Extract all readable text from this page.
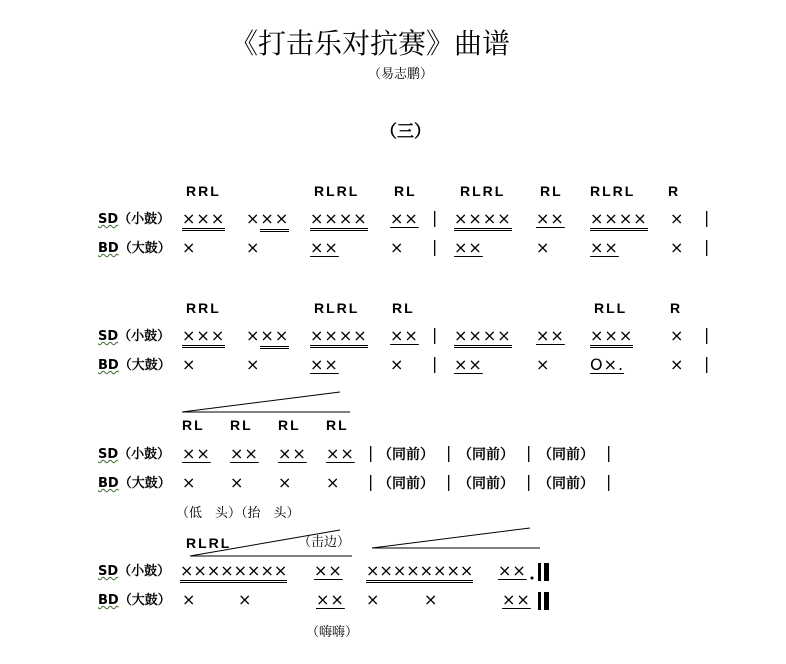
《打击乐对抗赛》曲谱
（易志鹏）
（三）
RRL	RLRL RL	RLRL RL RLRL R
SD（小鼓） ××× ××× ×××× ×× | ×××× ×× ×××× × |
BD（大鼓） ×	×	××	× | ××	× ××	× |
RRL	RLRL RL	RLL	R
SD（小鼓） ××× ××× ×××× ×× | ×××× ×× ××× × |
BD（大鼓） ×	×	××	× | ××	× O×.	× |
RL RL RL RL
SD（小鼓） ×× ×× ×× ×× | （同前） | （同前） | （同前） |
BD（大鼓） × × × × | （同前） | （同前） | （同前） |
（低　头）（抬　头）
RLRL	（击边）
SD（小鼓） ×××××××× ×× ×××××××× ××
BD（大鼓） ×	×	×× ×	×	××
（嗨嗨）
